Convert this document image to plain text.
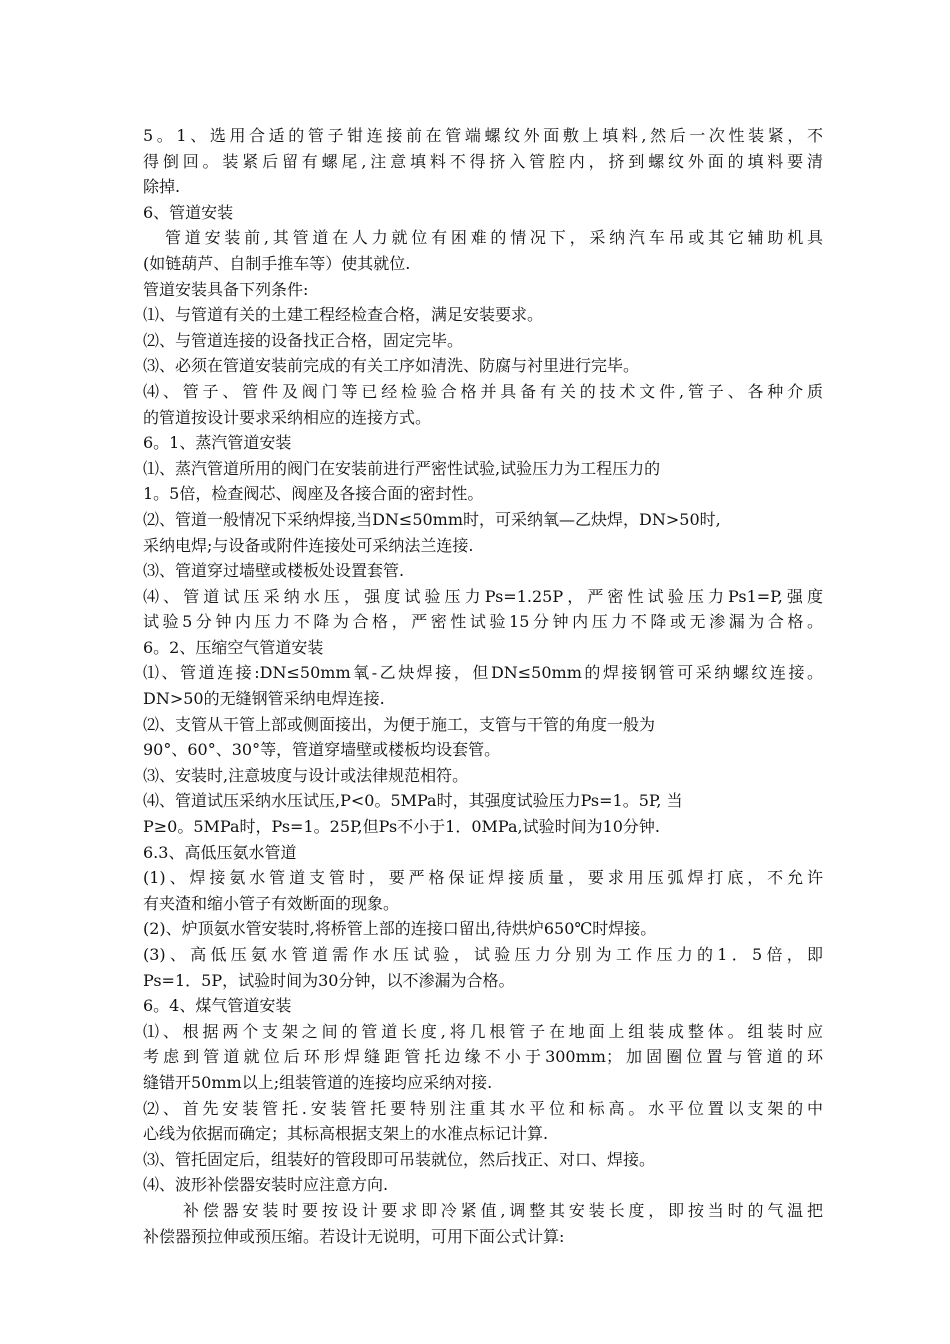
5。1、选用合适的管子钳连接前在管端螺纹外面敷上填料,然后一次性装紧，不
得倒回。装紧后留有螺尾,注意填料不得挤入管腔内，挤到螺纹外面的填料要清
除掉.
6、管道安装
管道安装前,其管道在人力就位有困难的情况下，采纳汽车吊或其它辅助机具
(如链葫芦、自制手推车等）使其就位.
管道安装具备下列条件:
⑴、与管道有关的土建工程经检查合格，满足安装要求。
⑵、与管道连接的设备找正合格，固定完毕。
⑶、必须在管道安装前完成的有关工序如清洗、防腐与衬里进行完毕。
⑷、管子、管件及阀门等已经检验合格并具备有关的技术文件,管子、各种介质
的管道按设计要求采纳相应的连接方式。
6。1、蒸汽管道安装
⑴、蒸汽管道所用的阀门在安装前进行严密性试验,试验压力为工程压力的
1。5倍，检查阀芯、阀座及各接合面的密封性。
⑵、管道一般情况下采纳焊接,当DN≤50mm时，可采纳氧—乙炔焊，DN>50时,
采纳电焊;与设备或附件连接处可采纳法兰连接.
⑶、管道穿过墙壁或楼板处设置套管.
⑷、管道试压采纳水压，强度试验压力Ps=1.25P，严密性试验压力Ps1=P,强度
试验5分钟内压力不降为合格，严密性试验15分钟内压力不降或无渗漏为合格。
6。2、压缩空气管道安装
⑴、管道连接:DN≤50mm氧-乙炔焊接，但DN≤50mm的焊接钢管可采纳螺纹连接。
DN>50的无缝钢管采纳电焊连接.
⑵、支管从干管上部或侧面接出，为便于施工，支管与干管的角度一般为
90°、60°、30°等，管道穿墙壁或楼板均设套管。
⑶、安装时,注意坡度与设计或法律规范相符。
⑷、管道试压采纳水压试压,P<0。5MPa时，其强度试验压力Ps=1。5P, 当
P≥0。5MPa时，Ps=1。25P,但Ps不小于1．0MPa,试验时间为10分钟.
6.3、高低压氨水管道
(1)、焊接氨水管道支管时，要严格保证焊接质量，要求用压弧焊打底，不允许
有夹渣和缩小管子有效断面的现象。
(2)、炉顶氨水管安装时,将桥管上部的连接口留出,待烘炉650℃时焊接。
(3)、高低压氨水管道需作水压试验，试验压力分别为工作压力的1．5倍，即
Ps=1．5P，试验时间为30分钟，以不渗漏为合格。
6。4、煤气管道安装
⑴、根据两个支架之间的管道长度,将几根管子在地面上组装成整体。组装时应
考虑到管道就位后环形焊缝距管托边缘不小于300mm；加固圈位置与管道的环
缝错开50mm以上;组装管道的连接均应采纳对接.
⑵、首先安装管托.安装管托要特别注重其水平位和标高。水平位置以支架的中
心线为依据而确定；其标高根据支架上的水准点标记计算.
⑶、管托固定后，组装好的管段即可吊装就位，然后找正、对口、焊接。
⑷、波形补偿器安装时应注意方向.
补偿器安装时要按设计要求即冷紧值,调整其安装长度，即按当时的气温把
补偿器预拉伸或预压缩。若设计无说明，可用下面公式计算:
